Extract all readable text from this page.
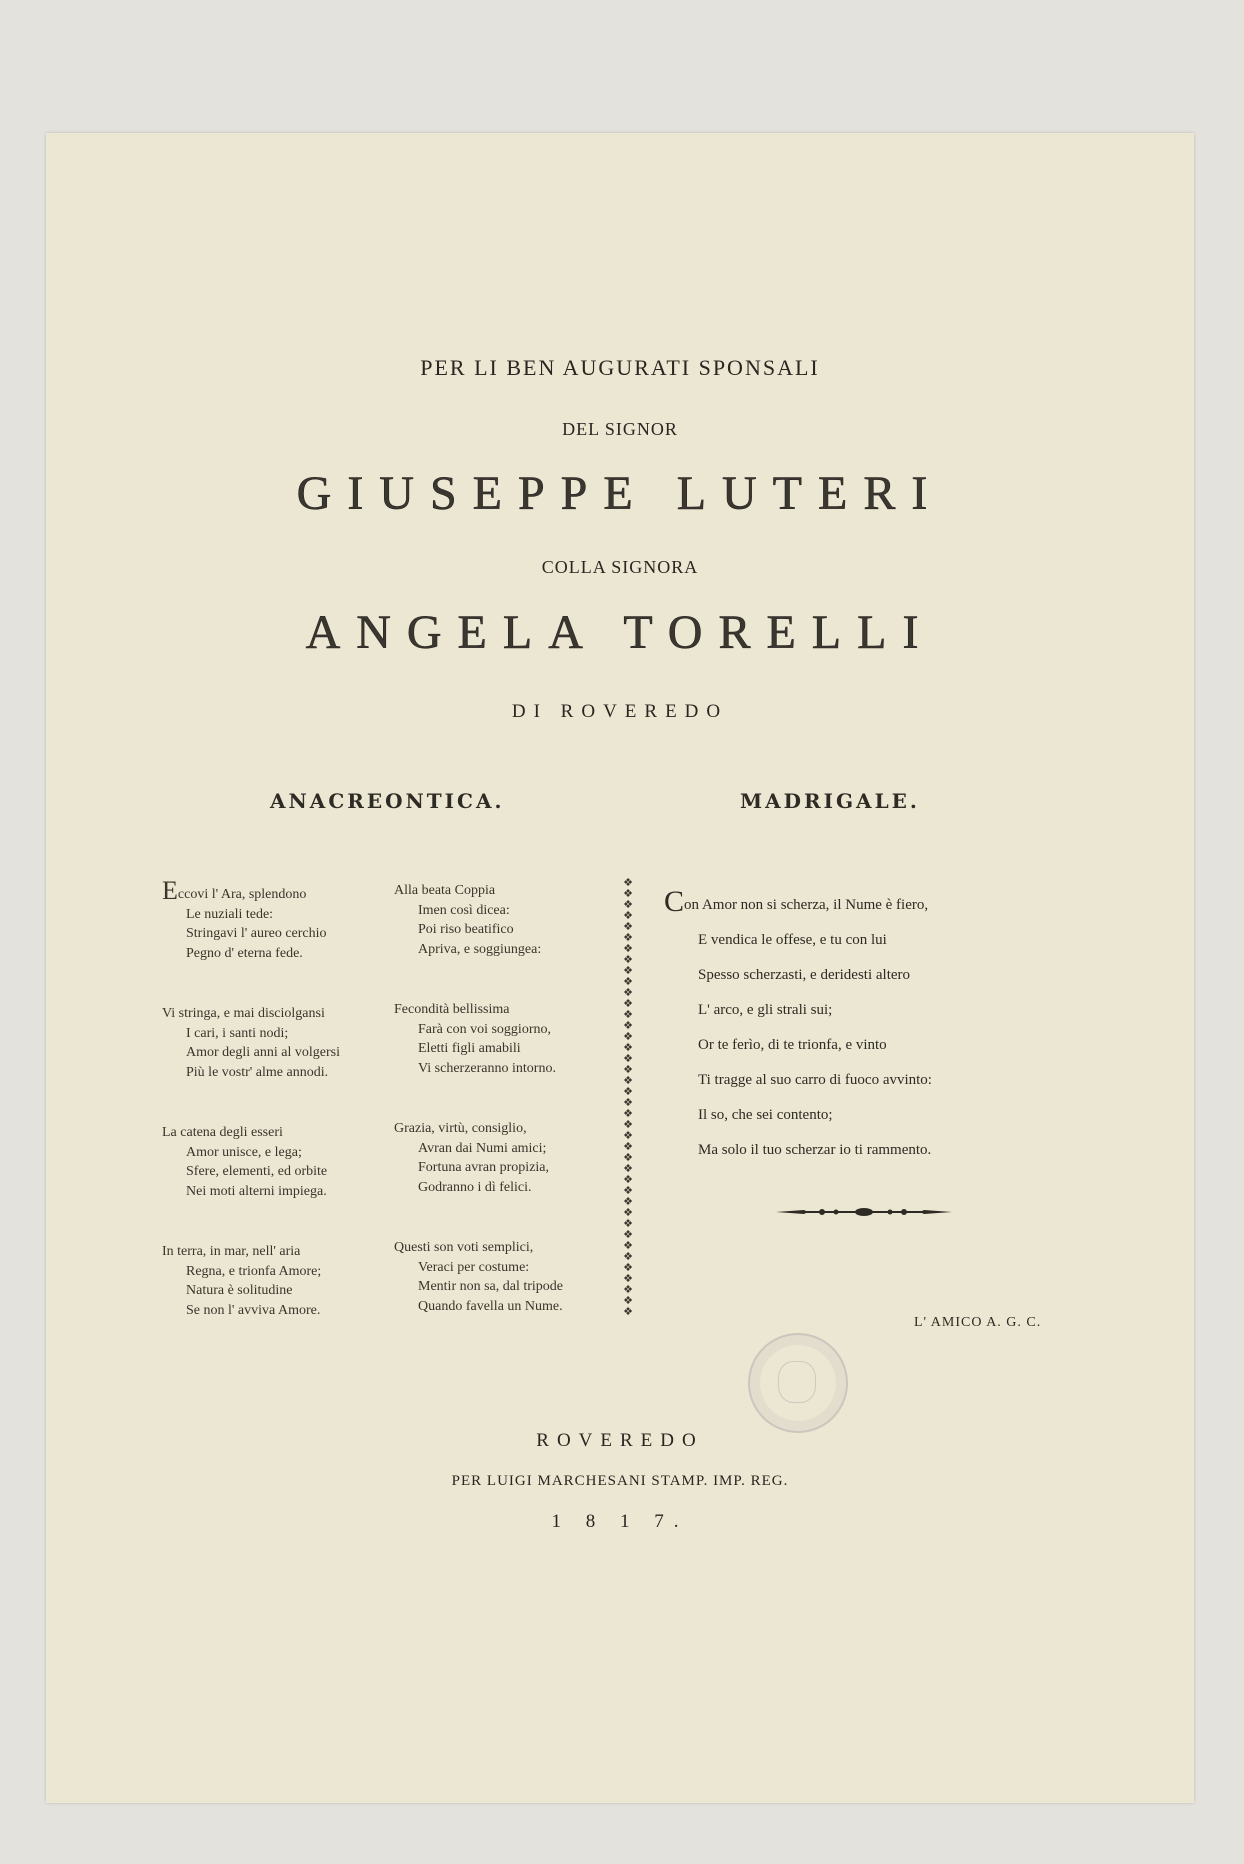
PER LI BEN AUGURATI SPONSALI
DEL SIGNOR
GIUSEPPE LUTERI
COLLA SIGNORA
ANGELA TORELLI
DI ROVEREDO
ANACREONTICA.	MADRIGALE.
Eccovi l' Ara, splendono
Le nuziali tede:
Stringavi l' aureo cerchio
Pegno d' eterna fede.
Vi stringa, e mai disciolgansi
I cari, i santi nodi;
Amor degli anni al volgersi
Più le vostr' alme annodi.
La catena degli esseri
Amor unisce, e lega;
Sfere, elementi, ed orbite
Nei moti alterni impiega.
In terra, in mar, nell' aria
Regna, e trionfa Amore;
Natura è solitudine
Se non l' avviva Amore.
Alla beata Coppia
Imen così dicea:
Poi riso beatifico
Apriva, e soggiungea:
Fecondità bellissima
Farà con voi soggiorno,
Eletti figli amabili
Vi scherzeranno intorno.
Grazia, virtù, consiglio,
Avran dai Numi amici;
Fortuna avran propizia,
Godranno i dì felici.
Questi son voti semplici,
Veraci per costume:
Mentir non sa, dal tripode
Quando favella un Nume.
❖
❖
❖
❖
❖
❖
❖
❖
❖
❖
❖
❖
❖
❖
❖
❖
❖
❖
❖
❖
❖
❖
❖
❖
❖
❖
❖
❖
❖
❖
❖
❖
❖
❖
❖
❖
❖
❖
❖
❖

Con Amor non si scherza, il Nume è fiero,
E vendica le offese, e tu con lui
Spesso scherzasti, e deridesti altero
L' arco, e gli strali sui;
Or te ferìo, di te trionfa, e vinto
Ti tragge al suo carro di fuoco avvinto:
Il so, che sei contento;
Ma solo il tuo scherzar io ti rammento.
L' AMICO A. G. C.
ROVEREDO
PER LUIGI MARCHESANI STAMP. IMP. REG.
1 8 1 7.
